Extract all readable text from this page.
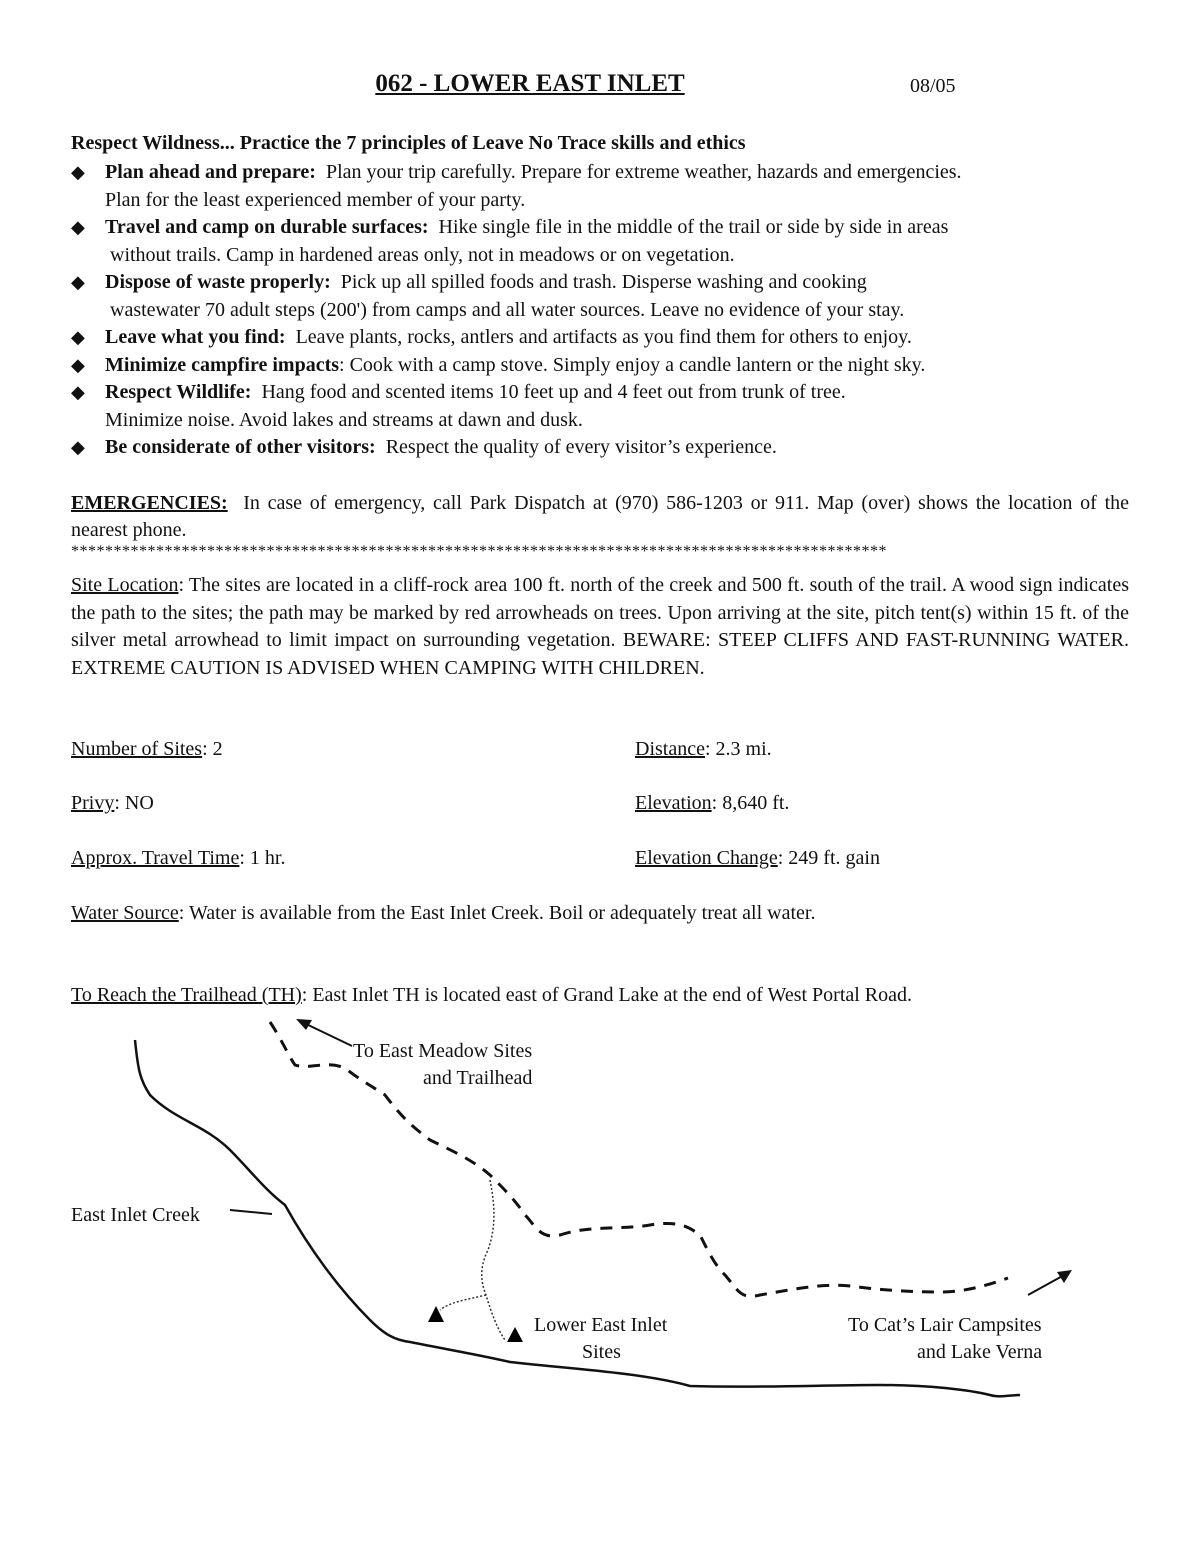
062 - LOWER EAST INLET	08/05
Respect Wildness... Practice the 7 principles of Leave No Trace skills and ethics
◆ Plan ahead and prepare: Plan your trip carefully. Prepare for extreme weather, hazards and emergencies.
Plan for the least experienced member of your party.
◆ Travel and camp on durable surfaces: Hike single file in the middle of the trail or side by side in areas
without trails. Camp in hardened areas only, not in meadows or on vegetation.
◆ Dispose of waste properly: Pick up all spilled foods and trash. Disperse washing and cooking
wastewater 70 adult steps (200') from camps and all water sources. Leave no evidence of your stay.
◆ Leave what you find: Leave plants, rocks, antlers and artifacts as you find them for others to enjoy.
◆ Minimize campfire impacts: Cook with a camp stove. Simply enjoy a candle lantern or the night sky.
◆ Respect Wildlife: Hang food and scented items 10 feet up and 4 feet out from trunk of tree.
Minimize noise. Avoid lakes and streams at dawn and dusk.
◆ Be considerate of other visitors: Respect the quality of every visitor’s experience.
EMERGENCIES: In case of emergency, call Park Dispatch at (970) 586-1203 or 911. Map (over) shows the location of the nearest phone.
************************************************************************************************
Site Location: The sites are located in a cliff-rock area 100 ft. north of the creek and 500 ft. south of the trail. A wood sign indicates the path to the sites; the path may be marked by red arrowheads on trees. Upon arriving at the site, pitch tent(s) within 15 ft. of the silver metal arrowhead to limit impact on surrounding vegetation. BEWARE: STEEP CLIFFS AND FAST-RUNNING WATER. EXTREME CAUTION IS ADVISED WHEN CAMPING WITH CHILDREN.
Number of Sites: 2	Distance: 2.3 mi.
Privy: NO	Elevation: 8,640 ft.
Approx. Travel Time: 1 hr.	Elevation Change: 249 ft. gain
Water Source: Water is available from the East Inlet Creek. Boil or adequately treat all water.
To Reach the Trailhead (TH): East Inlet TH is located east of Grand Lake at the end of West Portal Road.
To East Meadow Sites
and Trailhead
East Inlet Creek
Lower East Inlet
Sites
To Cat’s Lair Campsites
and Lake Verna
